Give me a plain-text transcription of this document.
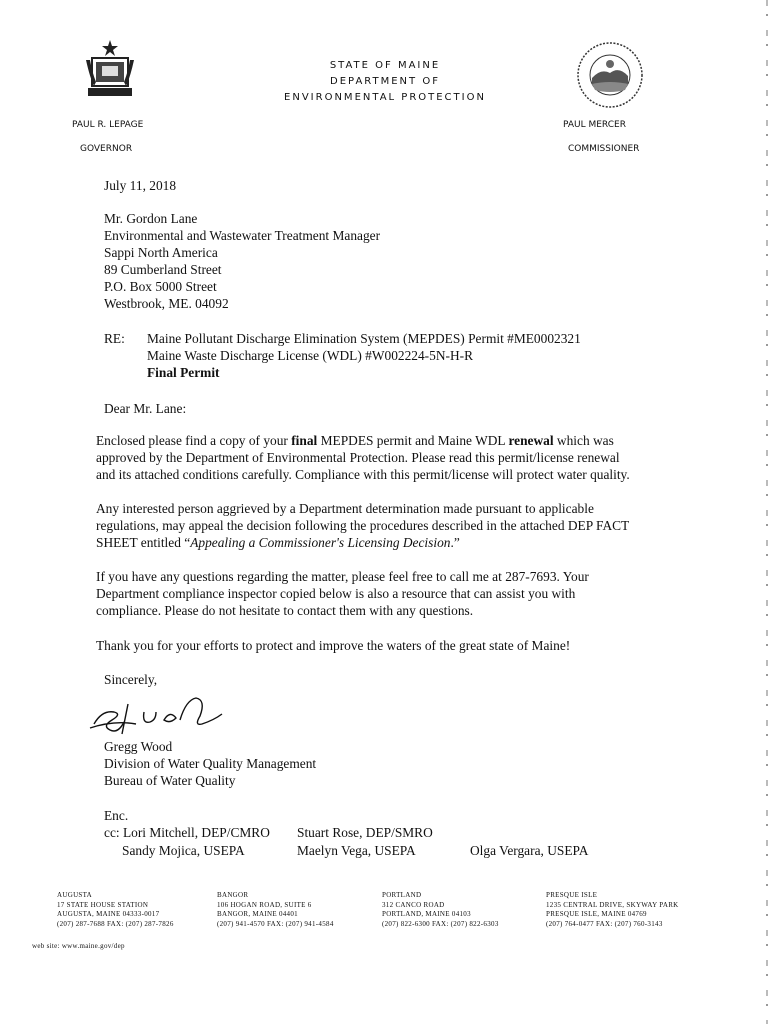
STATE OF MAINE
DEPARTMENT OF
ENVIRONMENTAL PROTECTION
PAUL R. LEPAGE
GOVERNOR
PAUL MERCER
COMMISSIONER
July 11, 2018
Mr. Gordon Lane
Environmental and Wastewater Treatment Manager
Sappi North America
89 Cumberland Street
P.O. Box 5000 Street
Westbrook, ME. 04092
RE: Maine Pollutant Discharge Elimination System (MEPDES) Permit #ME0002321
Maine Waste Discharge License (WDL) #W002224-5N-H-R
Final Permit
Dear Mr. Lane:
Enclosed please find a copy of your final MEPDES permit and Maine WDL renewal which was
approved by the Department of Environmental Protection. Please read this permit/license renewal
and its attached conditions carefully. Compliance with this permit/license will protect water quality.
Any interested person aggrieved by a Department determination made pursuant to applicable
regulations, may appeal the decision following the procedures described in the attached DEP FACT
SHEET entitled “Appealing a Commissioner's Licensing Decision.”
If you have any questions regarding the matter, please feel free to call me at 287-7693. Your
Department compliance inspector copied below is also a resource that can assist you with
compliance. Please do not hesitate to contact them with any questions.
Thank you for your efforts to protect and improve the waters of the great state of Maine!
Sincerely,
Gregg Wood
Division of Water Quality Management
Bureau of Water Quality
Enc.
cc: Lori Mitchell, DEP/CMRO Stuart Rose, DEP/SMRO
Sandy Mojica, USEPA	Maelyn Vega, USEPA	Olga Vergara, USEPA
AUGUSTA
17 STATE HOUSE STATION
AUGUSTA, MAINE 04333-0017
(207) 287-7688 FAX: (207) 287-7826
BANGOR
106 HOGAN ROAD, SUITE 6
BANGOR, MAINE 04401
(207) 941-4570 FAX: (207) 941-4584
PORTLAND
312 CANCO ROAD
PORTLAND, MAINE 04103
(207) 822-6300 FAX: (207) 822-6303
PRESQUE ISLE
1235 CENTRAL DRIVE, SKYWAY PARK
PRESQUE ISLE, MAINE 04769
(207) 764-0477 FAX: (207) 760-3143
web site: www.maine.gov/dep
